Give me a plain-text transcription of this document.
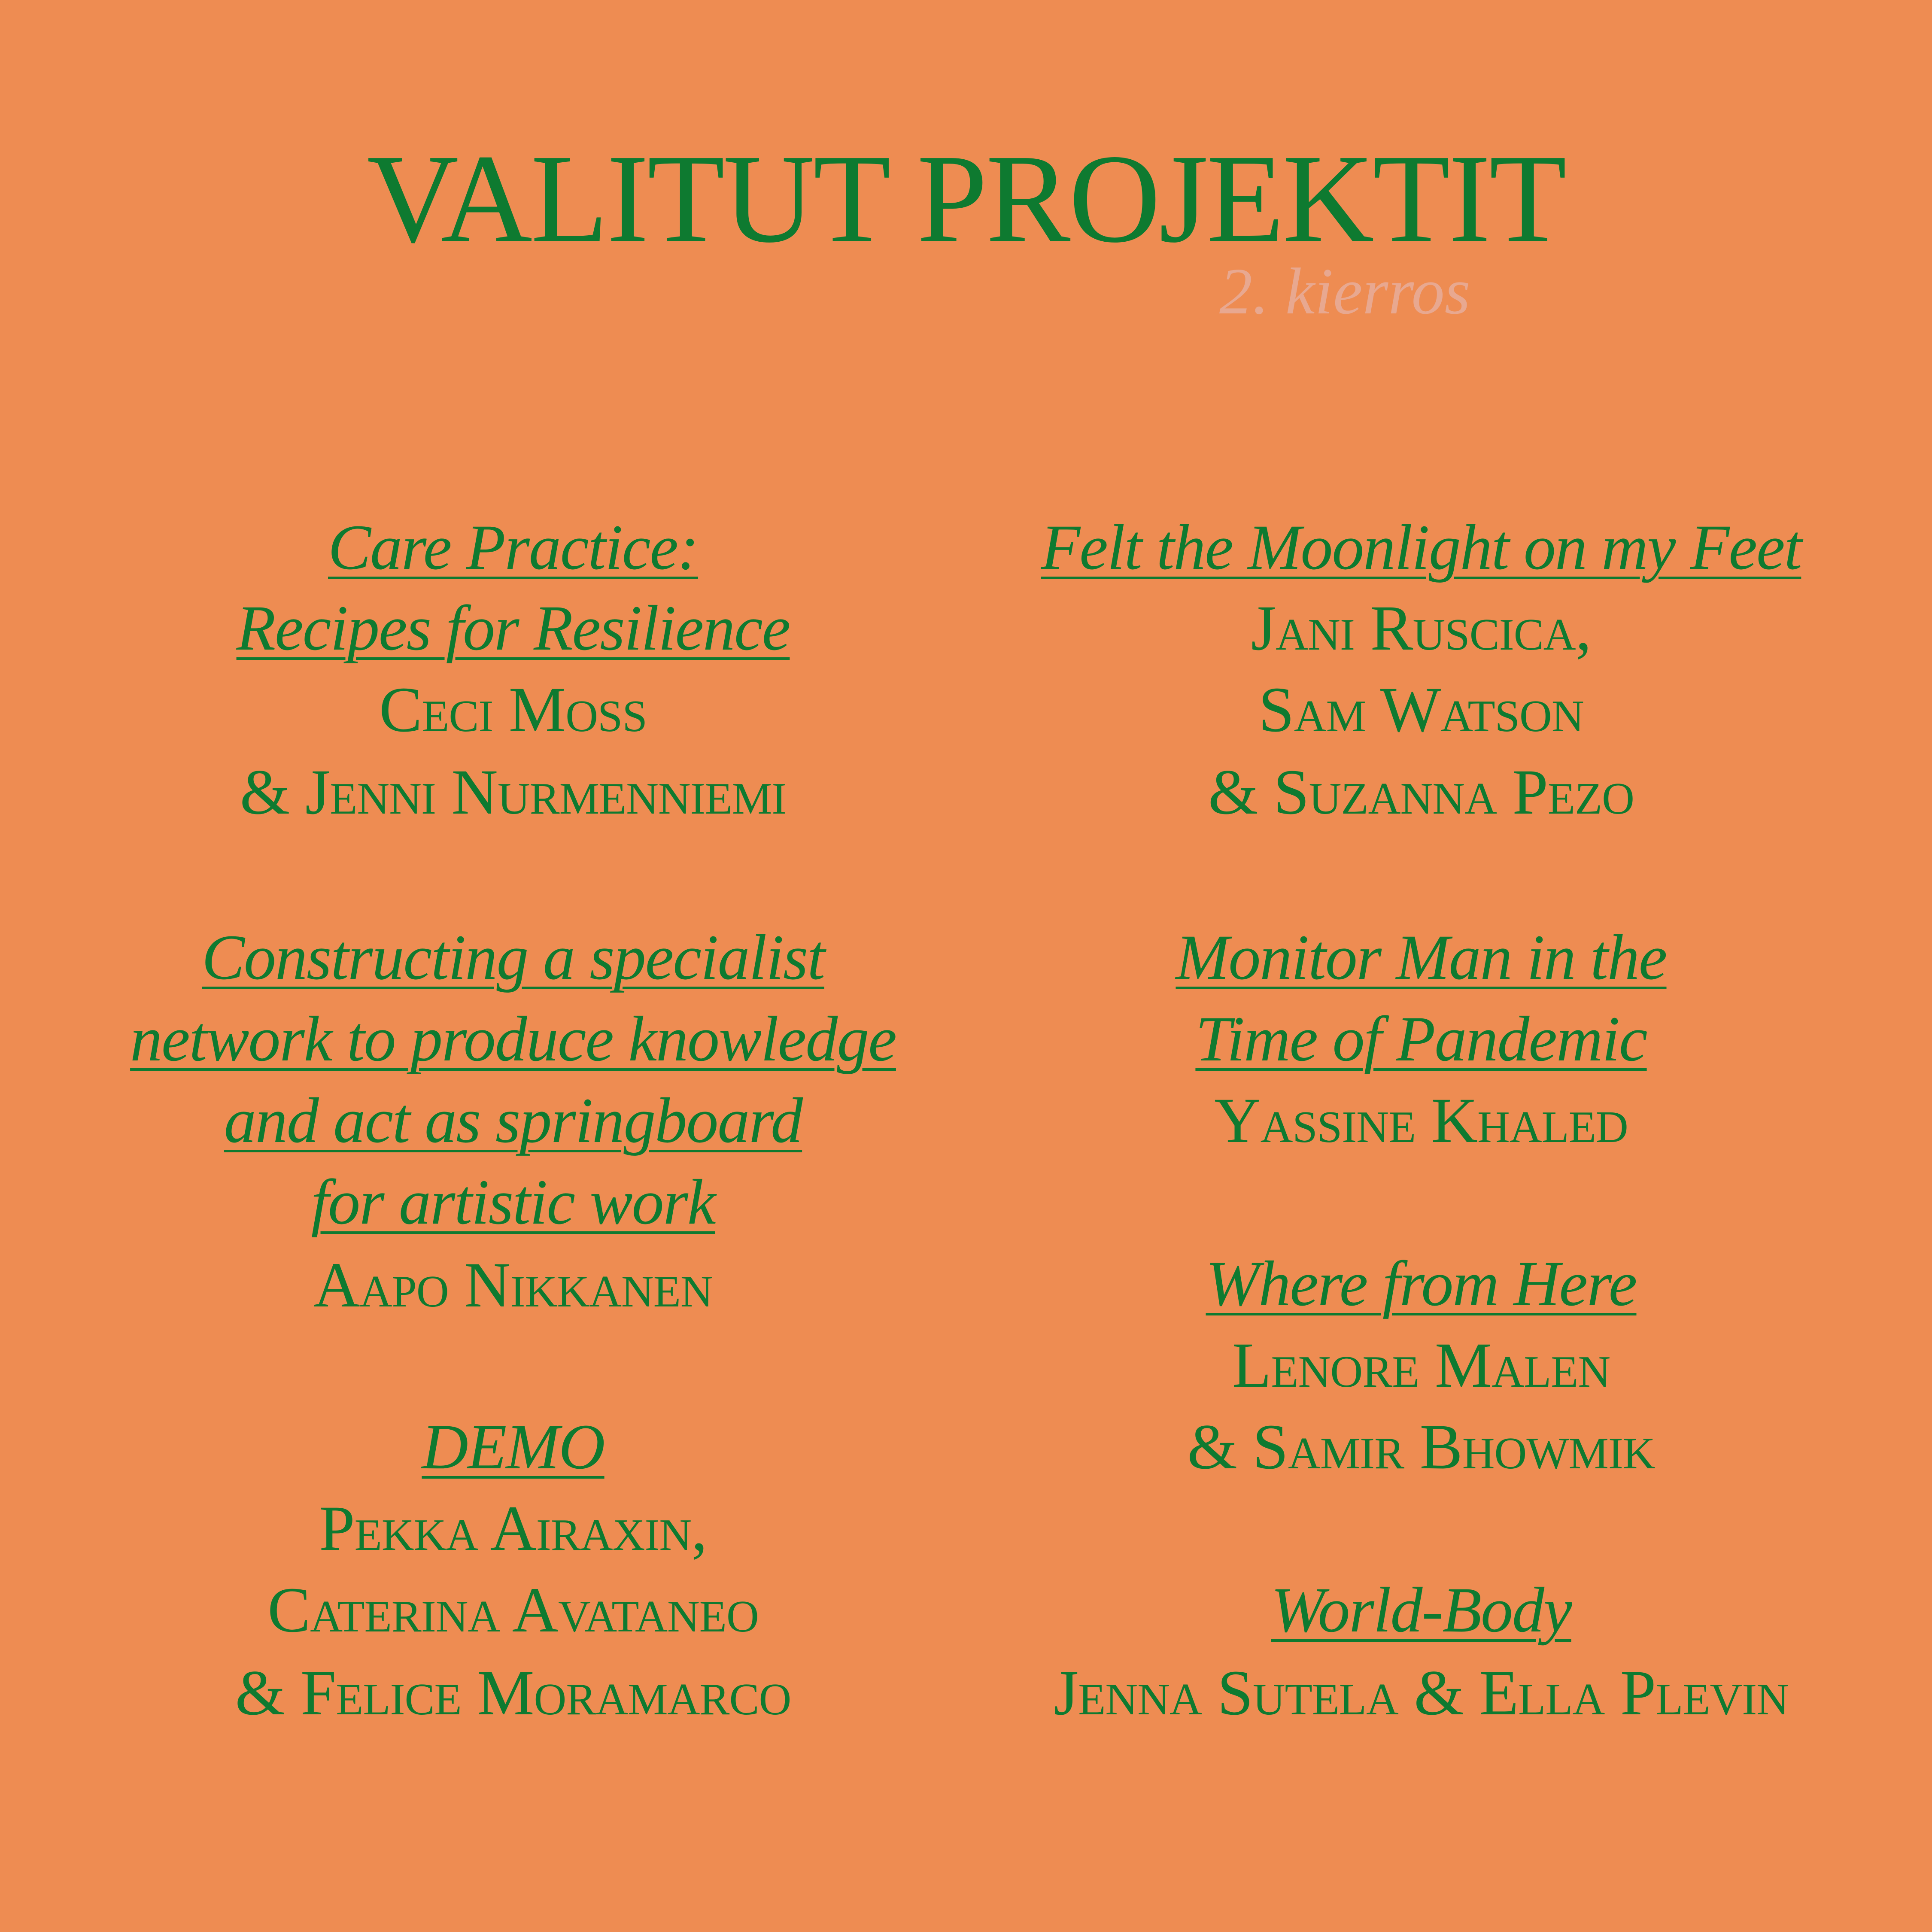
VALITUT PROJEKTIT
2. kierros
Care Practice:
Recipes for Resilience
Ceci Moss
& Jenni Nurmenniemi
Constructing a specialist
network to produce knowledge
and act as springboard
for artistic work
Aapo Nikkanen
DEMO
Pekka Airaxin,
Caterina Avataneo
& Felice Moramarco
Felt the Moonlight on my Feet
Jani Ruscica,
Sam Watson
& Suzanna Pezo
Monitor Man in the
Time of Pandemic
Yassine Khaled
Where from Here
Lenore Malen
& Samir Bhowmik
World-Body
Jenna Sutela & Ella Plevin
